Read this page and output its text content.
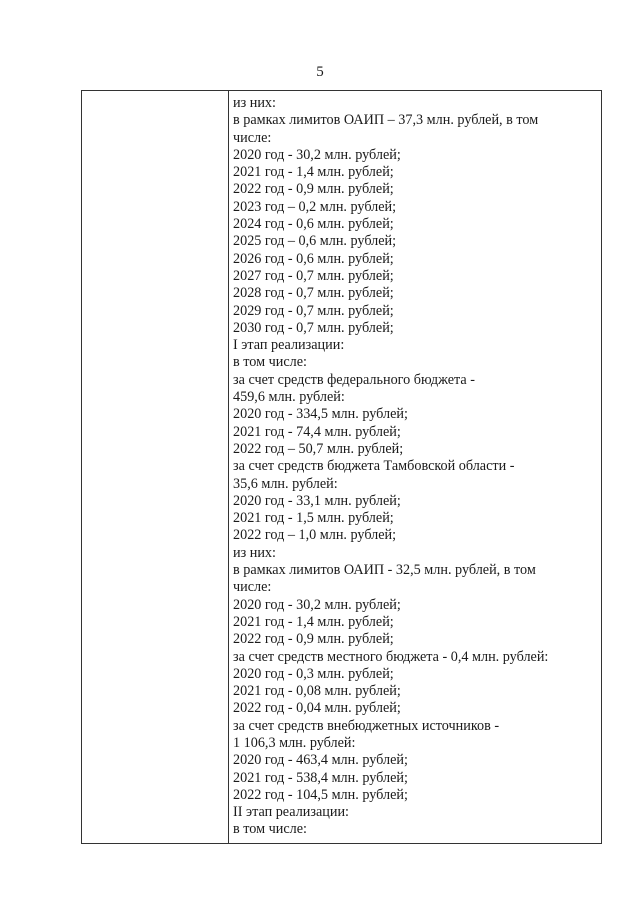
5
из них:
в рамках лимитов ОАИП – 37,3 млн. рублей, в том
числе:
2020 год - 30,2 млн. рублей;
2021 год - 1,4 млн. рублей;
2022 год - 0,9 млн. рублей;
2023 год – 0,2 млн. рублей;
2024 год - 0,6 млн. рублей;
2025 год – 0,6 млн. рублей;
2026 год - 0,6 млн. рублей;
2027 год - 0,7 млн. рублей;
2028 год - 0,7 млн. рублей;
2029 год - 0,7 млн. рублей;
2030 год - 0,7 млн. рублей;
I этап реализации:
в том числе:
за счет средств федерального бюджета -
459,6 млн. рублей:
2020 год - 334,5 млн. рублей;
2021 год - 74,4 млн. рублей;
2022 год – 50,7 млн. рублей;
за счет средств бюджета Тамбовской области -
35,6 млн. рублей:
2020 год - 33,1 млн. рублей;
2021 год - 1,5 млн. рублей;
2022 год – 1,0 млн. рублей;
из них:
в рамках лимитов ОАИП - 32,5 млн. рублей, в том
числе:
2020 год - 30,2 млн. рублей;
2021 год - 1,4 млн. рублей;
2022 год - 0,9 млн. рублей;
за счет средств местного бюджета - 0,4 млн. рублей:
2020 год - 0,3 млн. рублей;
2021 год - 0,08 млн. рублей;
2022 год - 0,04 млн. рублей;
за счет средств внебюджетных источников -
1 106,3 млн. рублей:
2020 год - 463,4 млн. рублей;
2021 год - 538,4 млн. рублей;
2022 год - 104,5 млн. рублей;
II этап реализации:
в том числе:
